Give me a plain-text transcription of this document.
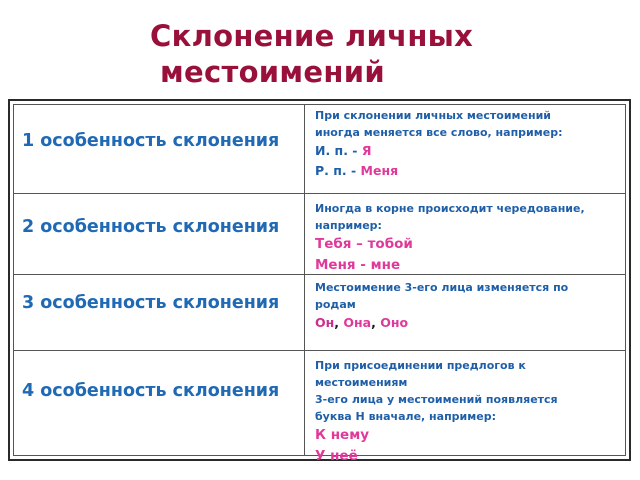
Склонение личных
местоимений
1 особенность склонения
При склонении личных местоимений
иногда меняется все слово, например:
И. п. - Я
Р. п. - Меня
2 особенность склонения
Иногда в корне происходит чередование,
например:
Тебя – тобой
Меня - мне
3 особенность склонения
Местоимение 3-его лица изменяется по
родам
Он, Она, Оно
4 особенность склонения
При присоединении предлогов к
местоимениям
3-его лица у местоимений появляется
буква Н вначале, например:
К нему
У неё
